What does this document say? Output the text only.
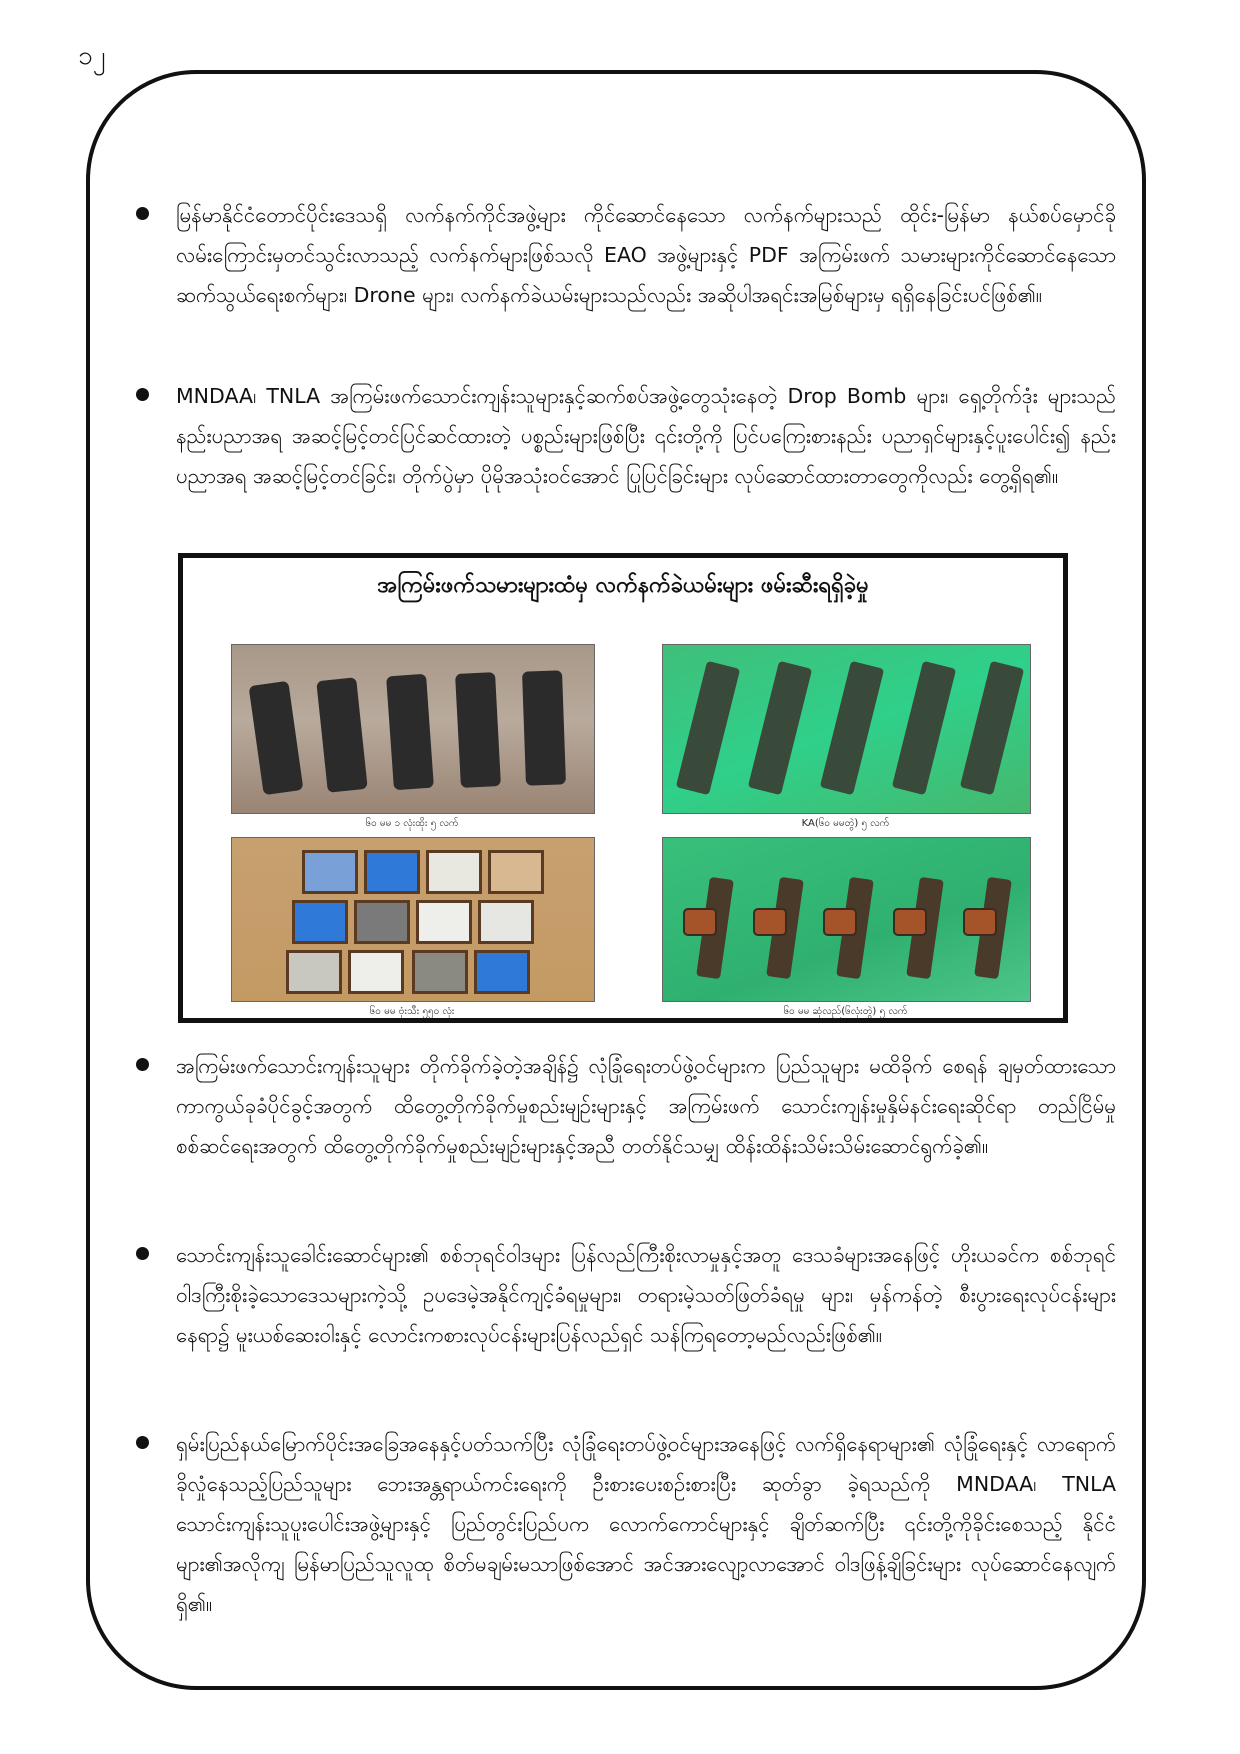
၁၂

မြန်မာနိုင်ငံတောင်ပိုင်းဒေသရှိ လက်နက်ကိုင်အဖွဲ့များ ကိုင်ဆောင်နေသော လက်နက်များသည် ထိုင်း-မြန်မာ နယ်စပ်မှောင်ခိုလမ်းကြောင်းမှတင်သွင်းလာသည့် လက်နက်များဖြစ်သလို EAO အဖွဲ့များနှင့် PDF အကြမ်းဖက် သမားများကိုင်ဆောင်နေသော ဆက်သွယ်ရေးစက်များ၊ Drone များ၊ လက်နက်ခဲယမ်းများသည်လည်း အဆိုပါအရင်းအမြစ်များမှ ရရှိနေခြင်းပင်ဖြစ်၏။

MNDAA၊ TNLA အကြမ်းဖက်သောင်းကျန်းသူများနှင့်ဆက်စပ်အဖွဲ့တွေသုံးနေတဲ့ Drop Bomb များ၊ ရှေ့တိုက်ဒုံး များသည် နည်းပညာအရ အဆင့်မြင့်တင်ပြင်ဆင်ထားတဲ့ ပစ္စည်းများဖြစ်ပြီး ၎င်းတို့ကို ပြင်ပကြေးစားနည်း ပညာရှင်များနှင့်ပူးပေါင်း၍ နည်းပညာအရ အဆင့်မြင့်တင်ခြင်း၊ တိုက်ပွဲမှာ ပိုမိုအသုံးဝင်အောင် ပြုပြင်ခြင်းများ လုပ်ဆောင်ထားတာတွေကိုလည်း တွေ့ရှိရ၏။

အကြမ်းဖက်သမားများထံမှ လက်နက်ခဲယမ်းများ ဖမ်းဆီးရရှိခဲ့မှု
၆၀ မမ ၁ လုံးထိုး ၅ လက်	KA(၆၀ မမတွဲ) ၅ လက်
၆၀ မမ ဗုံးသီး ၅၅၀ လုံး	၆၀ မမ ဆုံလည်(၆လုံးတွဲ) ၅ လက်

အကြမ်းဖက်သောင်းကျန်းသူများ တိုက်ခိုက်ခဲ့တဲ့အချိန်၌ လုံခြုံရေးတပ်ဖွဲ့ဝင်များက ပြည်သူများ မထိခိုက် စေရန် ချမှတ်ထားသောကာကွယ်ခုခံပိုင်ခွင့်အတွက် ထိတွေ့တိုက်ခိုက်မှုစည်းမျဉ်းများနှင့် အကြမ်းဖက် သောင်းကျန်းမှုနှိမ်နင်းရေးဆိုင်ရာ တည်ငြိမ်မှုစစ်ဆင်ရေးအတွက် ထိတွေ့တိုက်ခိုက်မှုစည်းမျဉ်းများနှင့်အညီ တတ်နိုင်သမျှ ထိန်းထိန်းသိမ်းသိမ်းဆောင်ရွက်ခဲ့၏။

သောင်းကျန်းသူခေါင်းဆောင်များ၏ စစ်ဘုရင်ဝါဒများ ပြန်လည်ကြီးစိုးလာမှုနှင့်အတူ ဒေသခံများအနေဖြင့် ဟိုးယခင်က စစ်ဘုရင်ဝါဒကြီးစိုးခဲ့သောဒေသများကဲ့သို့ ဥပဒေမဲ့အနိုင်ကျင့်ခံရမှုများ၊ တရားမဲ့သတ်ဖြတ်ခံရမှု များ၊ မှန်ကန်တဲ့ စီးပွားရေးလုပ်ငန်းများနေရာ၌ မူးယစ်ဆေးဝါးနှင့် လောင်းကစားလုပ်ငန်းများပြန်လည်ရှင် သန်ကြရတော့မည်လည်းဖြစ်၏။

ရှမ်းပြည်နယ်မြောက်ပိုင်းအခြေအနေနှင့်ပတ်သက်ပြီး လုံခြုံရေးတပ်ဖွဲ့ဝင်များအနေဖြင့် လက်ရှိနေရာများ၏ လုံခြုံရေးနှင့် လာရောက်ခိုလှုံနေသည့်ပြည်သူများ ဘေးအန္တရာယ်ကင်းရေးကို ဦးစားပေးစဉ်းစားပြီး ဆုတ်ခွာ ခဲ့ရသည်ကို MNDAA၊ TNLA သောင်းကျန်းသူပူးပေါင်းအဖွဲ့များနှင့် ပြည်တွင်းပြည်ပက လောက်ကောင်များနှင့် ချိတ်ဆက်ပြီး ၎င်းတို့ကိုခိုင်းစေသည့် နိုင်ငံများ၏အလိုကျ မြန်မာပြည်သူလူထု စိတ်မချမ်းမသာဖြစ်အောင် အင်အားလျော့လာအောင် ဝါဒဖြန့်ချိခြင်းများ လုပ်ဆောင်နေလျက်ရှိ၏။
